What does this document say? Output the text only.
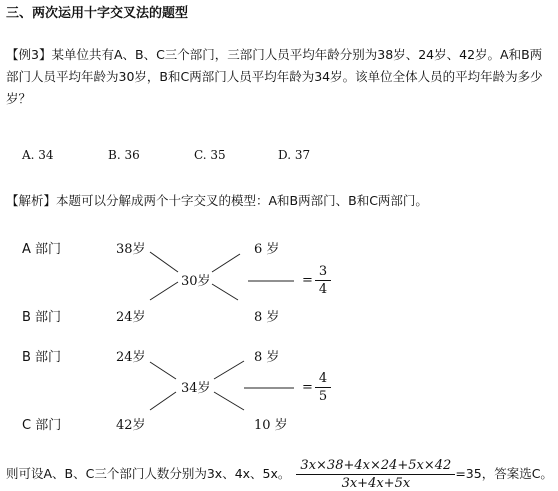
三、两次运用十字交叉法的题型
【例3】某单位共有A、B、C三个部门，三部门人员平均年龄分别为38岁、24岁、42岁。A和B两
部门人员平均年龄为30岁，B和C两部门人员平均年龄为34岁。该单位全体人员的平均年龄为多少
岁？
A. 34	B. 36	C. 35	D. 37
【解析】本题可以分解成两个十字交叉的模型：A和B两部门、B和C两部门。
A 部门
B 部门
38岁
24岁
30岁
6 岁
8 岁
= $\frac{3}{4}$
B 部门
C 部门
24岁
42岁
34岁
8 岁
10 岁
= $\frac{4}{5}$
则可设A、B、C三个部门人数分别为3x、4x、5x。 $\frac{3x\times 38+4x\times 24+5x\times 42}{3x+4x+5x} =35$，答案选C。
